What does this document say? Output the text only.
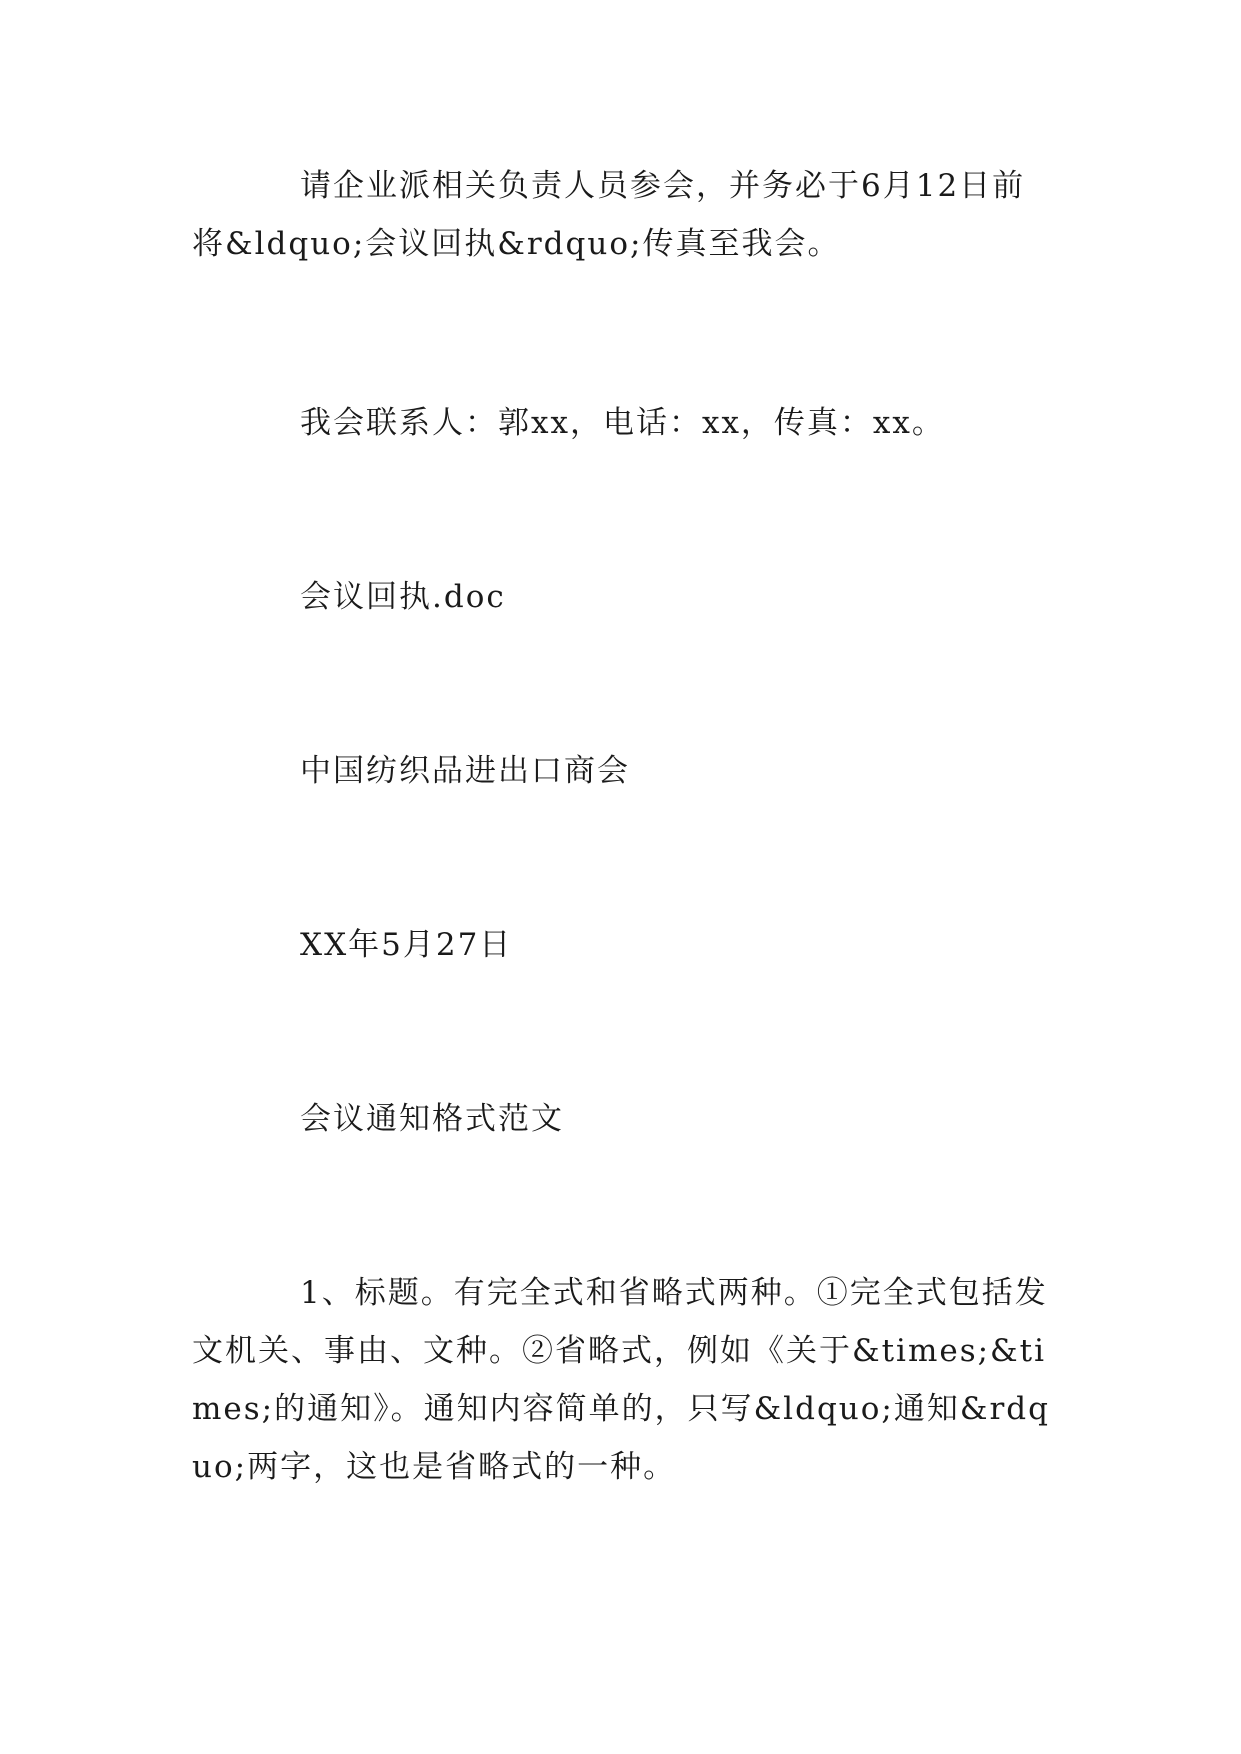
请企业派相关负责人员参会，并务必于6月12日前将&ldquo;会议回执&rdquo;传真至我会。

我会联系人：郭xx，电话：xx，传真：xx。

会议回执.doc

中国纺织品进出口商会

XX年5月27日

会议通知格式范文

1、标题。有完全式和省略式两种。①完全式包括发文机关、事由、文种。②省略式，例如《关于&times;&times;的通知》。通知内容简单的，只写&ldquo;通知&rdquo;两字，这也是省略式的一种。
